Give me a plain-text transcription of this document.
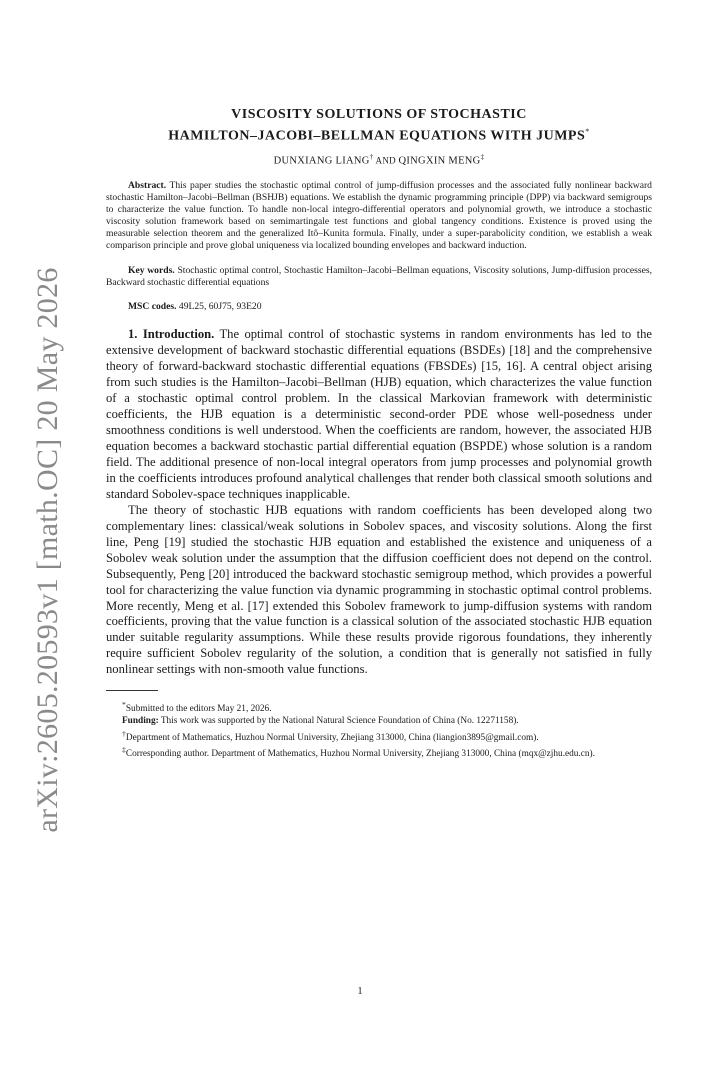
arXiv:2605.20593v1 [math.OC] 20 May 2026
VISCOSITY SOLUTIONS OF STOCHASTIC
HAMILTON–JACOBI–BELLMAN EQUATIONS WITH JUMPS*
DUNXIANG LIANG† AND QINGXIN MENG‡
Abstract. This paper studies the stochastic optimal control of jump-diffusion processes and the associated fully nonlinear backward stochastic Hamilton–Jacobi–Bellman (BSHJB) equations. We establish the dynamic programming principle (DPP) via backward semigroups to characterize the value function. To handle non-local integro-differential operators and polynomial growth, we introduce a stochastic viscosity solution framework based on semimartingale test functions and global tangency conditions. Existence is proved using the measurable selection theorem and the generalized Itô–Kunita formula. Finally, under a super-parabolicity condition, we establish a weak comparison principle and prove global uniqueness via localized bounding envelopes and backward induction.
Key words. Stochastic optimal control, Stochastic Hamilton–Jacobi–Bellman equations, Viscosity solutions, Jump-diffusion processes, Backward stochastic differential equations
MSC codes. 49L25, 60J75, 93E20

1. Introduction. The optimal control of stochastic systems in random environments has led to the extensive development of backward stochastic differential equations (BSDEs) [18] and the comprehensive theory of forward-backward stochastic differential equations (FBSDEs) [15, 16]. A central object arising from such studies is the Hamilton–Jacobi–Bellman (HJB) equation, which characterizes the value function of a stochastic optimal control problem. In the classical Markovian framework with deterministic coefficients, the HJB equation is a deterministic second-order PDE whose well-posedness under smoothness conditions is well understood. When the coefficients are random, however, the associated HJB equation becomes a backward stochastic partial differential equation (BSPDE) whose solution is a random field. The additional presence of non-local integral operators from jump processes and polynomial growth in the coefficients introduces profound analytical challenges that render both classical smooth solutions and standard Sobolev-space techniques inapplicable.

The theory of stochastic HJB equations with random coefficients has been developed along two complementary lines: classical/weak solutions in Sobolev spaces, and viscosity solutions. Along the first line, Peng [19] studied the stochastic HJB equation and established the existence and uniqueness of a Sobolev weak solution under the assumption that the diffusion coefficient does not depend on the control. Subsequently, Peng [20] introduced the backward stochastic semigroup method, which provides a powerful tool for characterizing the value function via dynamic programming in stochastic optimal control problems. More recently, Meng et al. [17] extended this Sobolev framework to jump-diffusion systems with random coefficients, proving that the value function is a classical solution of the associated stochastic HJB equation under suitable regularity assumptions. While these results provide rigorous foundations, they inherently require sufficient Sobolev regularity of the solution, a condition that is generally not satisfied in fully nonlinear settings with non-smooth value functions.

*Submitted to the editors May 21, 2026.

Funding: This work was supported by the National Natural Science Foundation of China (No. 12271158).

†Department of Mathematics, Huzhou Normal University, Zhejiang 313000, China (liangion3895@gmail.com).

‡Corresponding author. Department of Mathematics, Huzhou Normal University, Zhejiang 313000, China (mqx@zjhu.edu.cn).

1
